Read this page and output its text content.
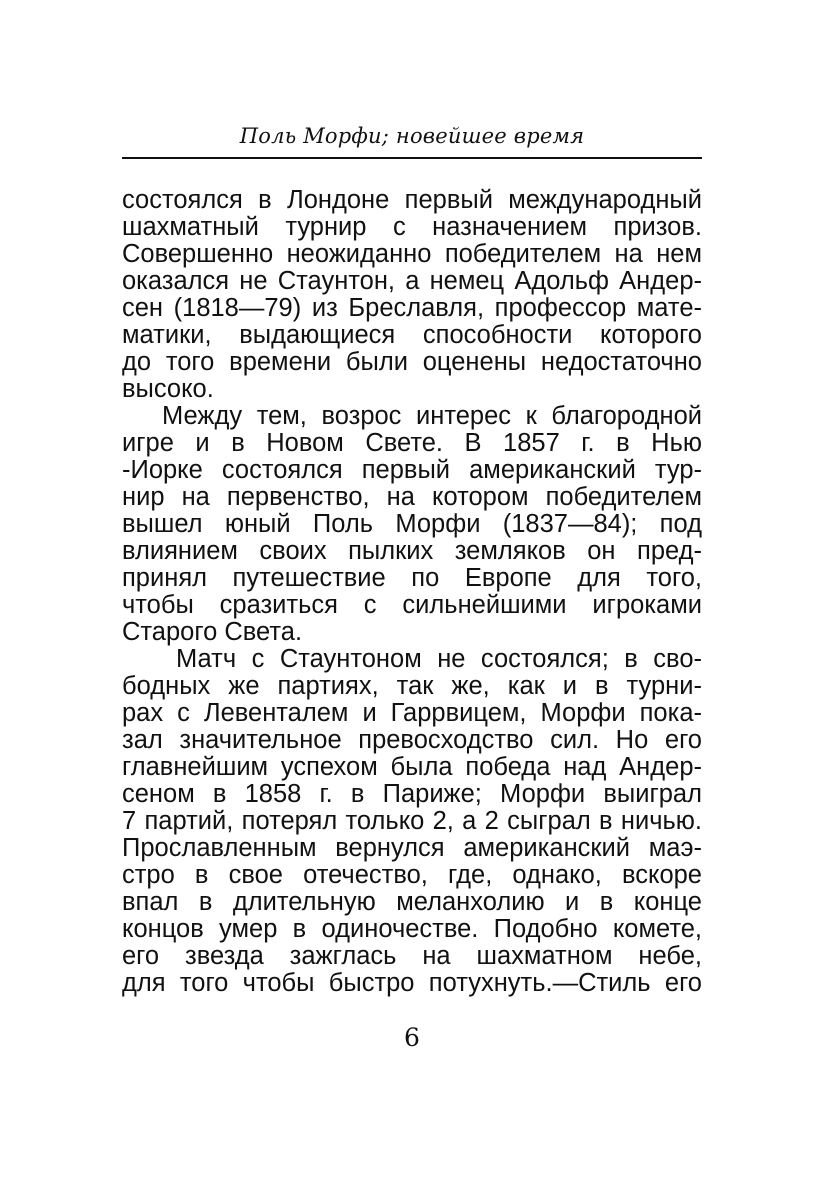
Поль Морфи; новейшее время
состоялся в Лондоне первый международный
шахматный турнир с назначением призов.
Совершенно неожиданно победителем на нем
оказался не Стаунтон, а немец Адольф Андер-
сен (1818—79) из Бреславля, профессор мате-
матики, выдающиеся способности которого
до того времени были оценены недостаточно
высоко.
Между тем, возрос интерес к благородной
игре и в Новом Свете. В 1857 г. в Нью
-Иорке состоялся первый американский тур-
нир на первенство, на котором победителем
вышел юный Поль Морфи (1837—84); под
влиянием своих пылких земляков он пред-
принял путешествие по Европе для того,
чтобы сразиться с сильнейшими игроками
Старого Света.
Матч с Стаунтоном не состоялся; в сво-
бодных же партиях, так же, как и в турни-
рах с Левенталем и Гаррвицем, Морфи пока-
зал значительное превосходство сил. Но его
главнейшим успехом была победа над Андер-
сеном в 1858 г. в Париже; Морфи выиграл
7 партий, потерял только 2, а 2 сыграл в ничью.
Прославленным вернулся американский маэ-
стро в свое отечество, где, однако, вскоре
впал в длительную меланхолию и в конце
концов умер в одиночестве. Подобно комете,
его звезда зажглась на шахматном небе,
для того чтобы быстро потухнуть.—Стиль его
6
